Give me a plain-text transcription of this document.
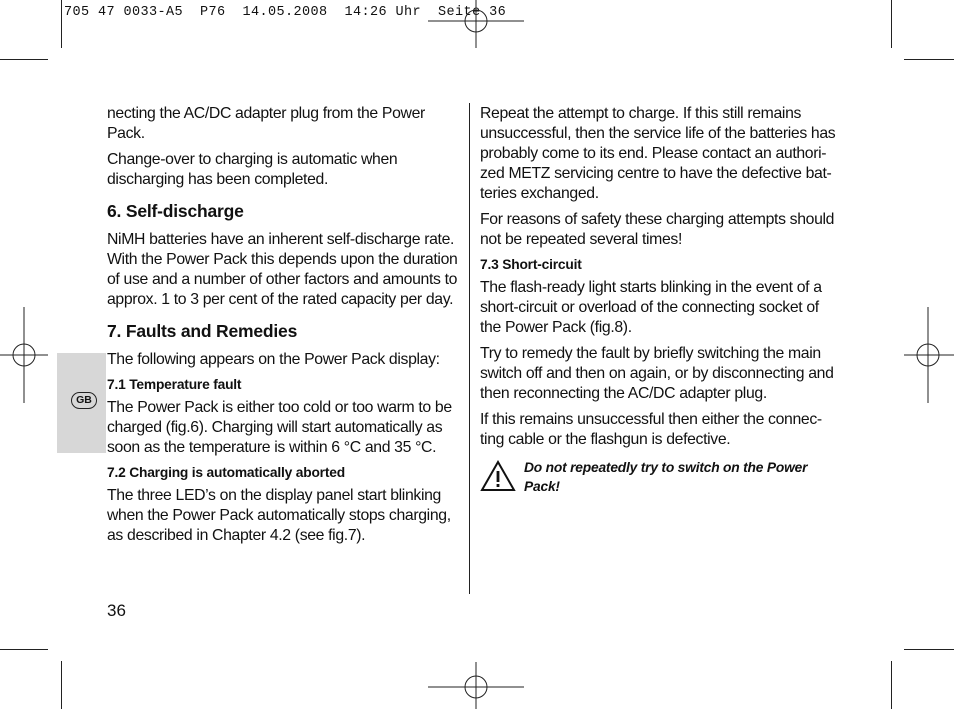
705 47 0033-A5  P76  14.05.2008  14:26 Uhr  Seite 36
GB

necting the AC/DC adapter plug from the Power Pack.

Change-over to charging is automatic when discharging has been completed.

6. Self-discharge

NiMH batteries have an inherent self-discharge rate. With the Power Pack this depends upon the duration of use and a number of other factors and amounts to approx. 1 to 3 per cent of the rated capacity per day.

7. Faults and Remedies

The following appears on the Power Pack display:

7.1 Temperature fault

The Power Pack is either too cold or too warm to be charged (fig.6). Charging will start automatically as soon as the temperature is within 6 °C and 35 °C.

7.2 Charging is automatically aborted

The three LED’s on the display panel start blinking when the Power Pack automatically stops charging, as described in Chapter 4.2 (see fig.7).

Repeat the attempt to charge. If this still remains unsuccessful, then the service life of the batteries has probably come to its end. Please contact an authori-zed METZ servicing centre to have the defective bat-teries exchanged.

For reasons of safety these charging attempts should not be repeated several times!

7.3 Short-circuit

The flash-ready light starts blinking in the event of a short-circuit or overload of the connecting socket of the Power Pack (fig.8).

Try to remedy the fault by briefly switching the main switch off and then on again, or by disconnecting and then reconnecting the AC/DC adapter plug.

If this remains unsuccessful then either the connec-ting cable or the flashgun is defective.

Do not repeatedly try to switch on the Power Pack!
36
